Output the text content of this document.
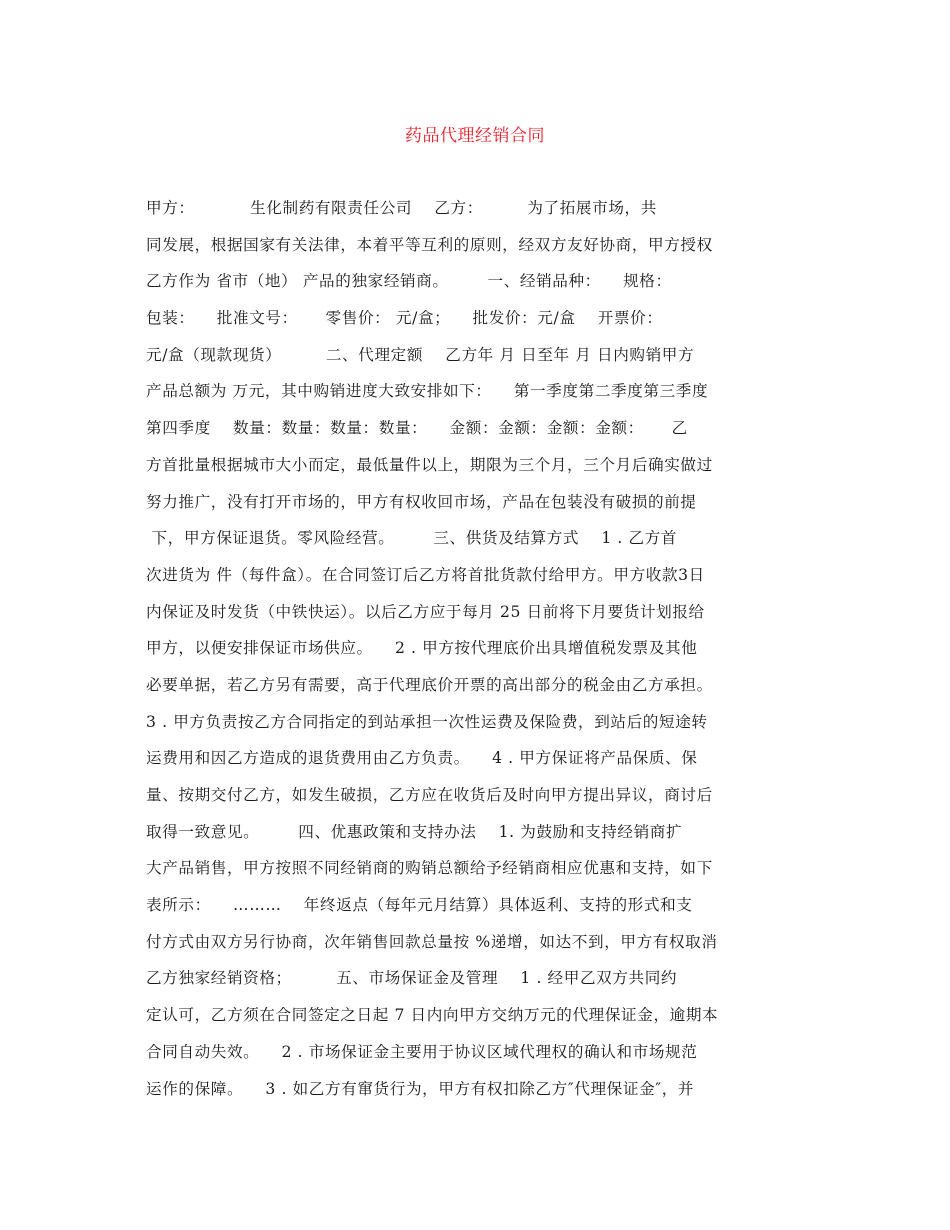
药品代理经销合同
甲方：          生化制药有限责任公司    乙方：        为了拓展市场，共
同发展，根据国家有关法律，本着平等互利的原则，经双方友好协商，甲方授权
乙方作为 省市（地） 产品的独家经销商。       一、经销品种：    规格：
包装：    批准文号：     零售价： 元/盒；    批发价：元/盒    开票价：
元/盒（现款现货）        二、代理定额    乙方年 月 日至年 月 日内购销甲方
产品总额为 万元，其中购销进度大致安排如下：    第一季度第二季度第三季度
第四季度    数量：数量：数量：数量：    金额：金额：金额：金额：     乙
方首批量根据城市大小而定，最低量件以上，期限为三个月，三个月后确实做过
努力推广，没有打开市场的，甲方有权收回市场，产品在包装没有破损的前提
下，甲方保证退货。零风险经营。       三、供货及结算方式    1 . 乙方首
次进货为 件（每件盒）。在合同签订后乙方将首批货款付给甲方。甲方收款3日
内保证及时发货（中铁快运）。以后乙方应于每月 25 日前将下月要货计划报给
甲方，以便安排保证市场供应。    2 . 甲方按代理底价出具增值税发票及其他
必要单据，若乙方另有需要，高于代理底价开票的高出部分的税金由乙方承担。
3 . 甲方负责按乙方合同指定的到站承担一次性运费及保险费，到站后的短途转
运费用和因乙方造成的退货费用由乙方负责。    4 . 甲方保证将产品保质、保
量、按期交付乙方，如发生破损，乙方应在收货后及时向甲方提出异议，商讨后
取得一致意见。       四、优惠政策和支持办法    1. 为鼓励和支持经销商扩
大产品销售，甲方按照不同经销商的购销总额给予经销商相应优惠和支持，如下
表所示：    ………    年终返点（每年元月结算）具体返利、支持的形式和支
付方式由双方另行协商，次年销售回款总量按 %递增，如达不到，甲方有权取消
乙方独家经销资格；        五、市场保证金及管理    1 . 经甲乙双方共同约
定认可，乙方须在合同签定之日起 7 日内向甲方交纳万元的代理保证金，逾期本
合同自动失效。    2 . 市场保证金主要用于协议区域代理权的确认和市场规范
运作的保障。    3 . 如乙方有窜货行为，甲方有权扣除乙方″代理保证金″，并
